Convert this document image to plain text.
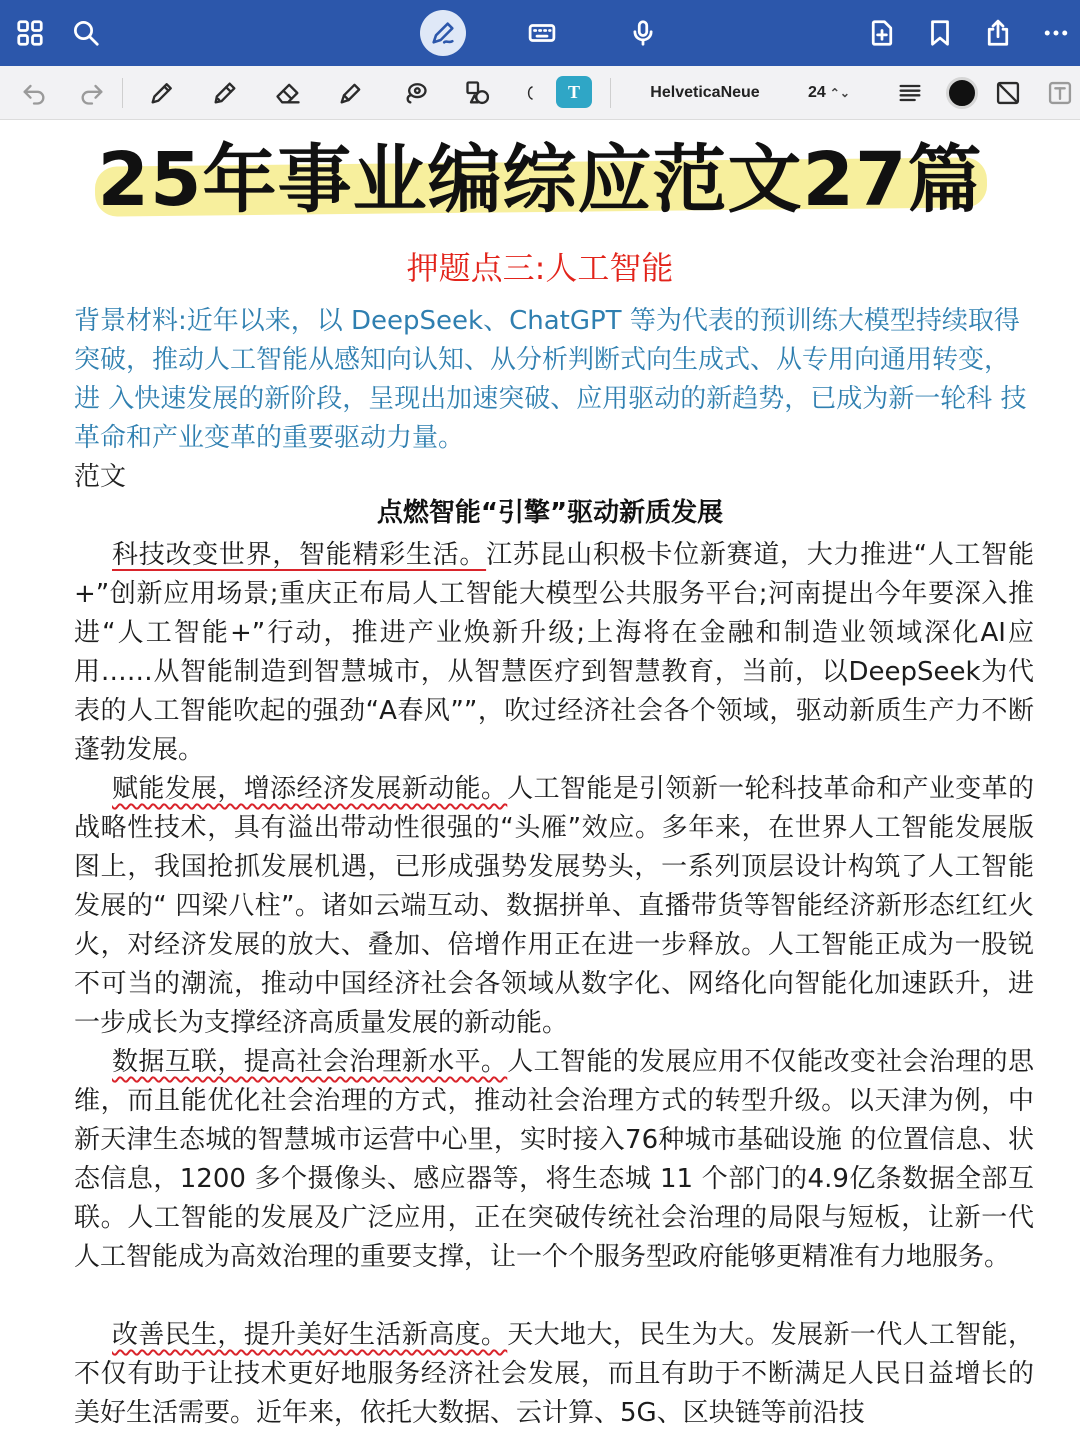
T	HelveticaNeue	24 ⌃⌄
25年事业编综应范文27篇
押题点三:人工智能
背景材料:近年以来，以 DeepSeek、ChatGPT 等为代表的预训练大模型持续取得突破，推动人工智能从感知向认知、从分析判断式向生成式、从专用向通用转变，进 入快速发展的新阶段，呈现出加速突破、应用驱动的新趋势，已成为新一轮科 技革命和产业变革的重要驱动力量。
范文
点燃智能“引擎”驱动新质发展
科技改变世界，智能精彩生活。江苏昆山积极卡位新赛道，大力推进“人工智能+”创新应用场景;重庆正布局人工智能大模型公共服务平台;河南提出今年要深入推进“人工智能+”行动，推进产业焕新升级;上海将在金融和制造业领域深化AI应用……从智能制造到智慧城市，从智慧医疗到智慧教育，当前，以DeepSeek为代表的人工智能吹起的强劲“A春风””，吹过经济社会各个领域，驱动新质生产力不断蓬勃发展。
赋能发展，增添经济发展新动能。人工智能是引领新一轮科技革命和产业变革的战略性技术，具有溢出带动性很强的“头雁”效应。多年来，在世界人工智能发展版图上，我国抢抓发展机遇，已形成强势发展势头，一系列顶层设计构筑了人工智能发展的“ 四梁八柱”。诸如云端互动、数据拼单、直播带货等智能经济新形态红红火火，对经济发展的放大、叠加、倍增作用正在进一步释放。人工智能正成为一股锐不可当的潮流，推动中国经济社会各领域从数字化、网络化向智能化加速跃升，进一步成长为支撑经济高质量发展的新动能。
数据互联，提高社会治理新水平。人工智能的发展应用不仅能改变社会治理的思维，而且能优化社会治理的方式，推动社会治理方式的转型升级。以天津为例，中新天津生态城的智慧城市运营中心里，实时接入76种城市基础设施 的位置信息、状态信息，1200 多个摄像头、感应器等，将生态城 11 个部门的4.9亿条数据全部互联。人工智能的发展及广泛应用，正在突破传统社会治理的局限与短板，让新一代人工智能成为高效治理的重要支撑，让一个个服务型政府能够更精准有力地服务。
改善民生，提升美好生活新高度。天大地大，民生为大。发展新一代人工智能，不仅有助于让技术更好地服务经济社会发展，而且有助于不断满足人民日益增长的美好生活需要。近年来，依托大数据、云计算、5G、区块链等前沿技
